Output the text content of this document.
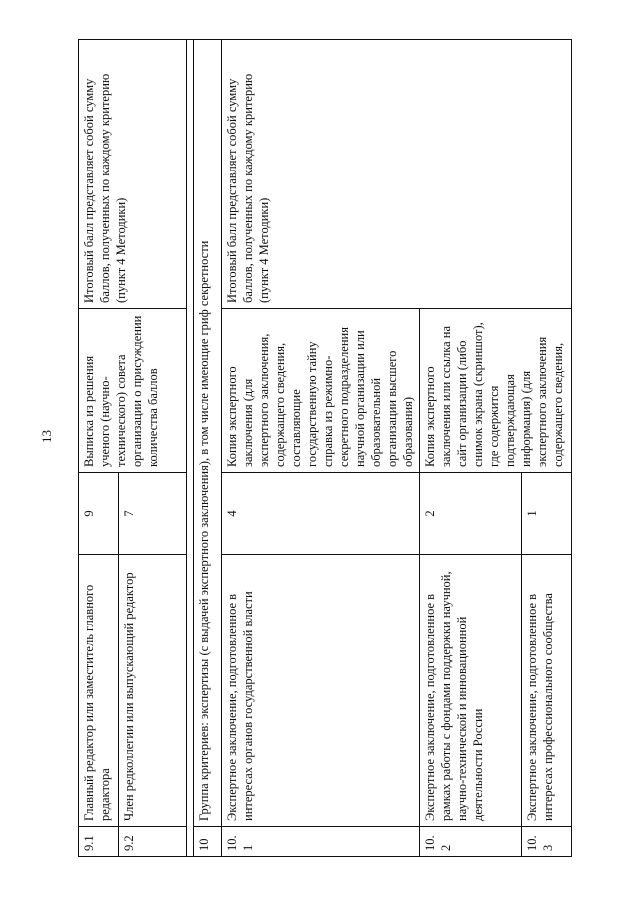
13
9.1	Главный редактор или заместитель главного редактора	9	Выписка из решения ученого (научно-технического) совета организации о присуждении количества баллов	Итоговый балл представляет собой сумму баллов, полученных по каждому критерию (пункт 4 Методики)
9.2	Член редколлегии или выпускающий редактор	7		

10	Группа критериев: экспертизы (с выдачей экспертного заключения), в том числе имеющие гриф секретности			
10.1	Экспертное заключение, подготовленное в интересах органов государственной власти	4	Копия экспертного заключения (для экспертного заключения, содержащего сведения, составляющие государственную тайну справка из режимно-секретного подразделения научной организации или образовательной организации высшего образования)	Итоговый балл представляет собой сумму баллов, полученных по каждому критерию (пункт 4 Методики)
10.2	Экспертное заключение, подготовленное в рамках работы с фондами поддержки научной, научно-технической и инновационной деятельности России	2	Копия экспертного заключения или ссылка на сайт организации (либо снимок экрана (скриншот), где содержится подтверждающая информация) (для экспертного заключения содержащего сведения,	
10.3	Экспертное заключение, подготовленное в интересах профессионального сообщества	1		
